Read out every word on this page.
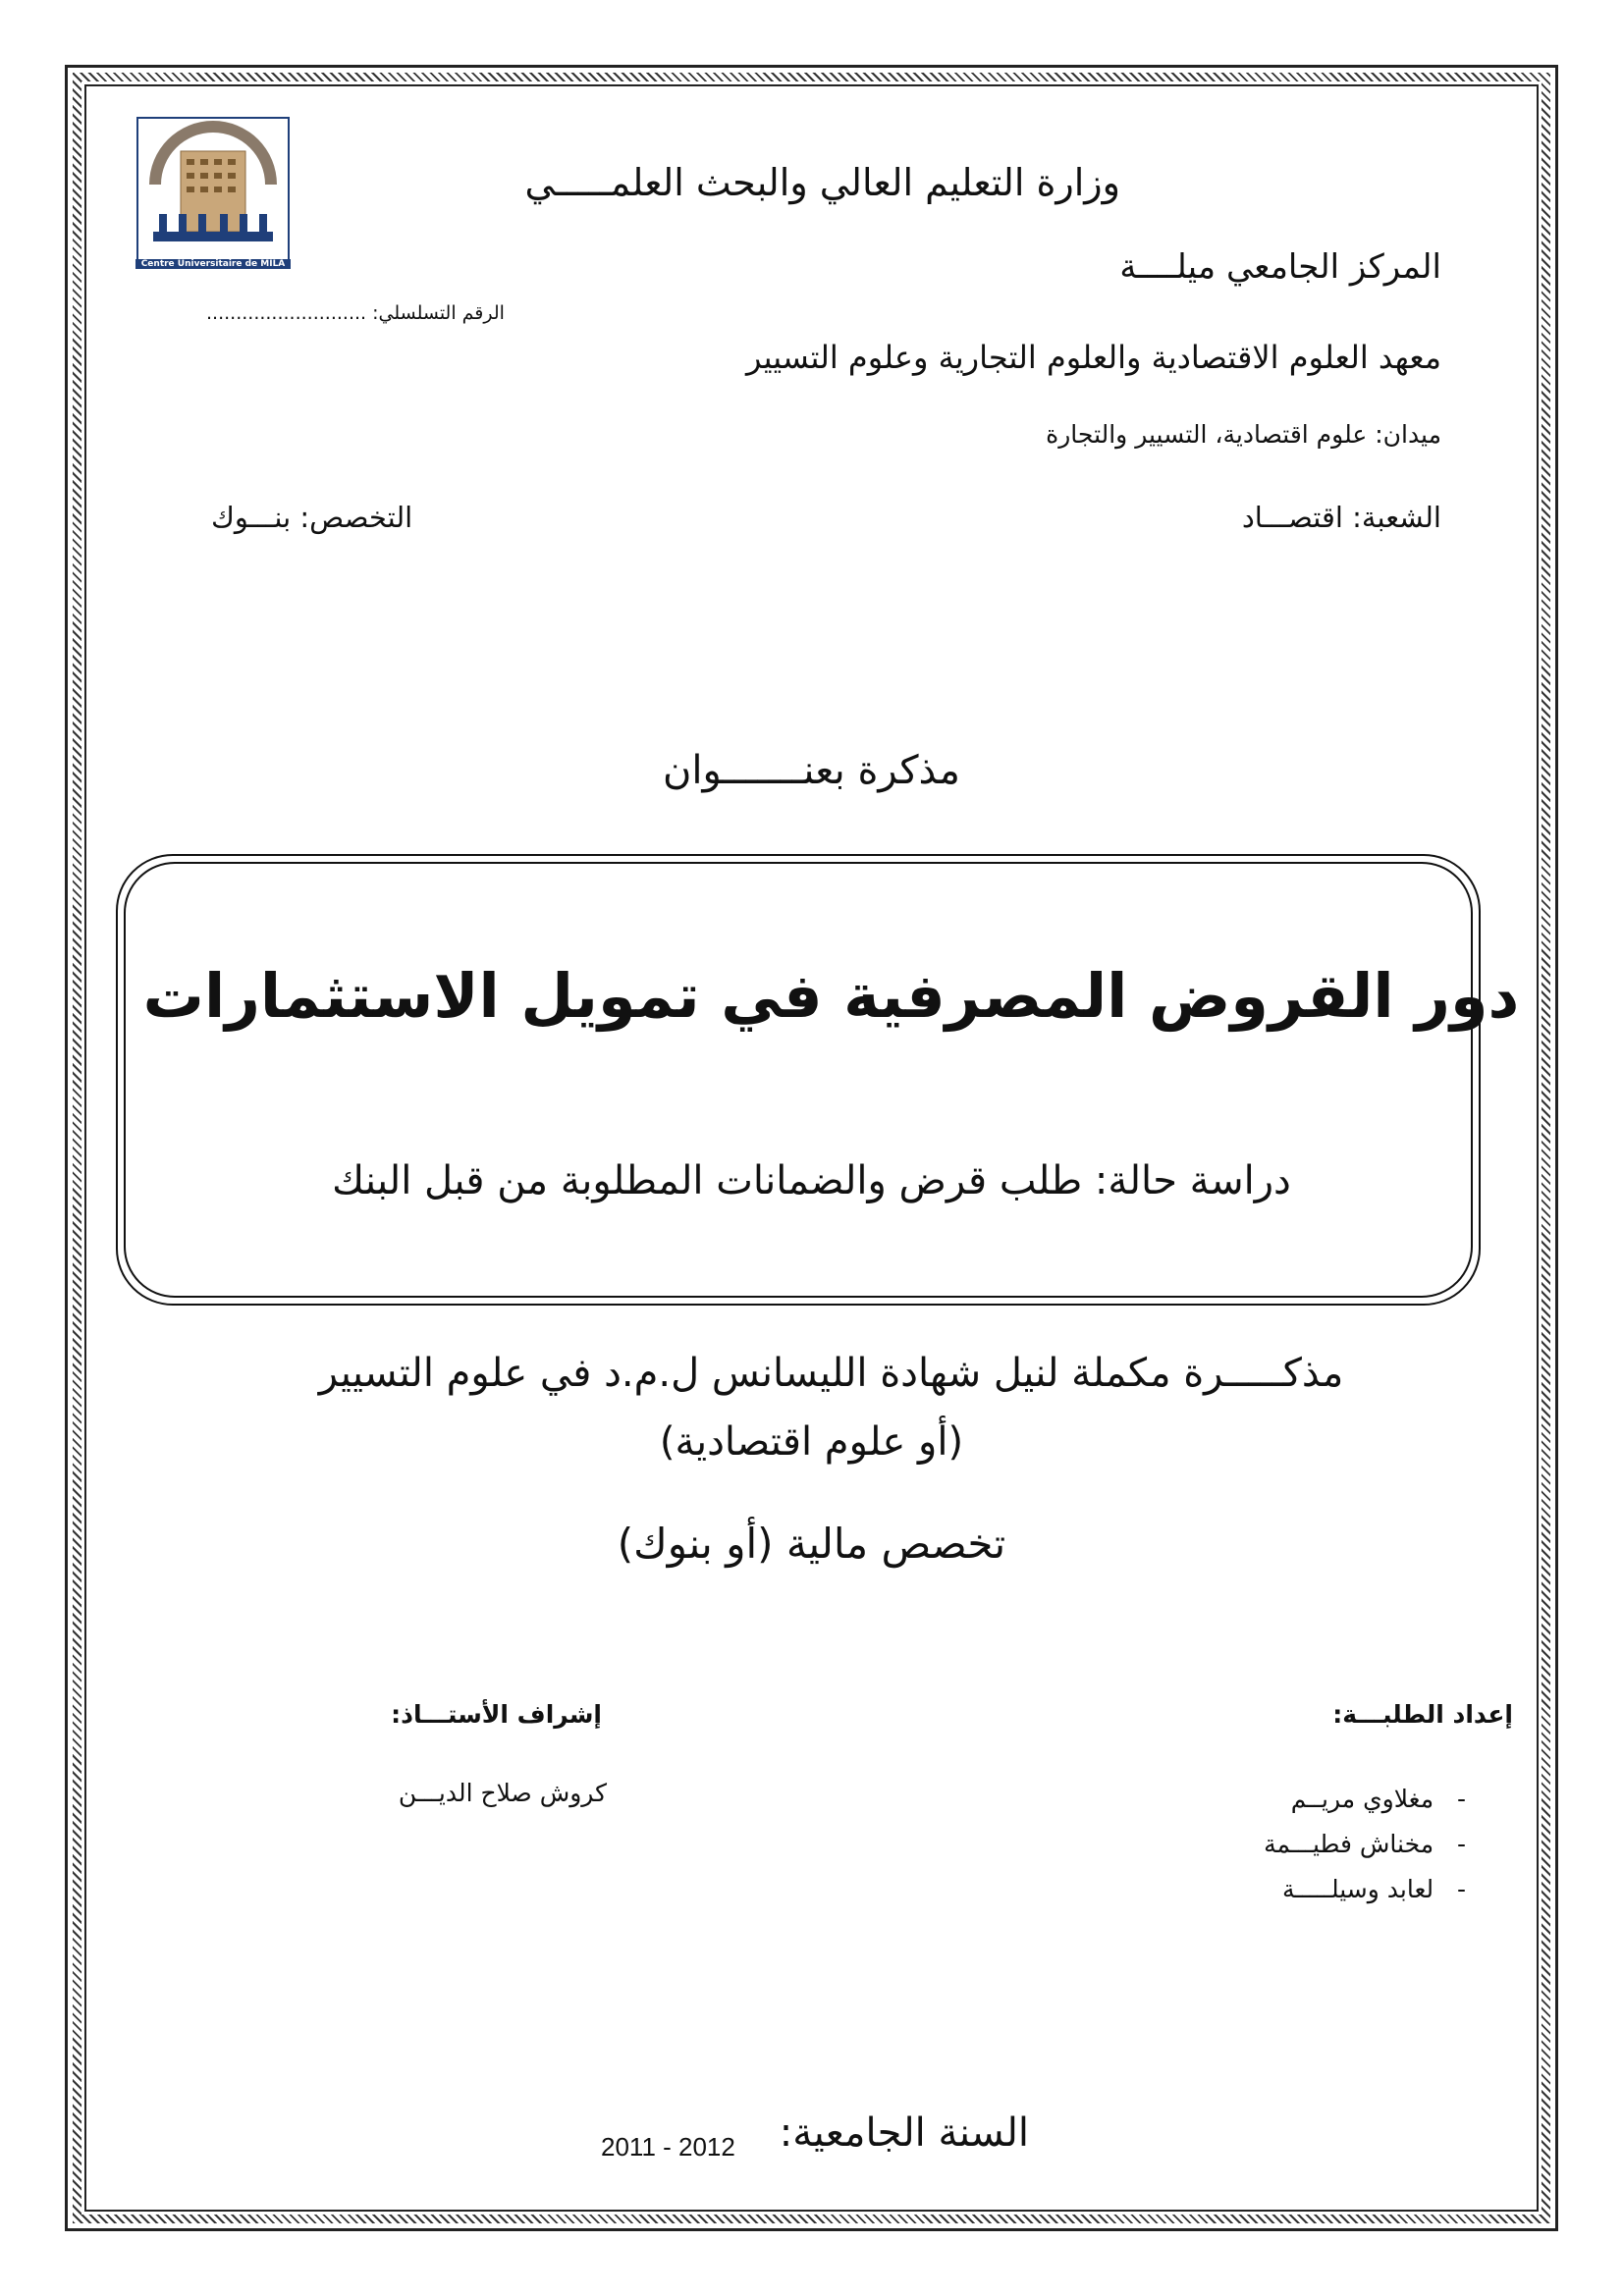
Centre Universitaire de MILA
وزارة التعليم العالي والبحث العلمـــــي
المركز الجامعي ميلــــة
الرقم التسلسلي: ...........................
معهد العلوم الاقتصادية والعلوم التجارية وعلوم التسيير
ميدان: علوم اقتصادية، التسيير والتجارة
الشعبة: اقتصـــاد
التخصص: بنـــوك
مذكرة بعنـــــــوان
دور القروض المصرفية في تمويل الاستثمارات
دراسة حالة: طلب قرض والضمانات المطلوبة من قبل البنك
مذكـــــرة مكملة لنيل شهادة الليسانس ل.م.د في علوم التسيير
(أو علوم اقتصادية)
تخصص مالية (أو بنوك)
إعداد الطلبـــة:
-   مغلاوي مريــم
-   مخناش فطيـــمة
-   لعابد وسيلـــــة
إشراف الأستـــاذ:
كروش صلاح الديـــن
السنة الجامعية:
2011 - 2012
